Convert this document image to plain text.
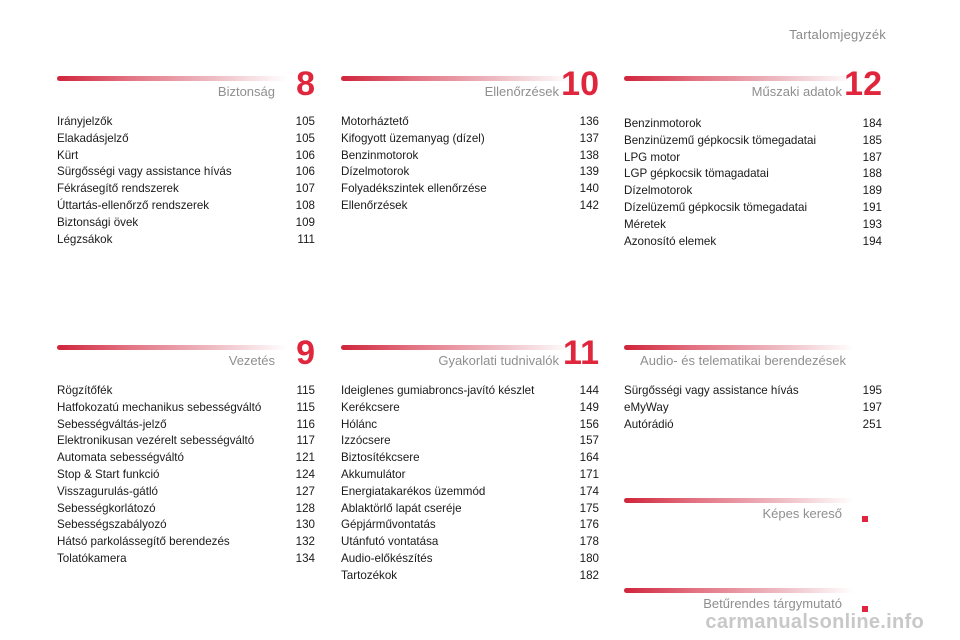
Tartalomjegyzék
Biztonság 8
Irányjelzők	105
Elakadásjelző	105
Kürt	106
Sürgősségi vagy assistance hívás	106
Fékrásegítő rendszerek	107
Úttartás-ellenőrző rendszerek	108
Biztonsági övek	109
Légzsákok	111
Ellenőrzések 10
Motorháztető	136
Kifogyott üzemanyag (dízel)	137
Benzinmotorok	138
Dízelmotorok	139
Folyadékszintek ellenőrzése	140
Ellenőrzések	142
Műszaki adatok 12
Benzinmotorok	184
Benzinüzemű gépkocsik tömegadatai	185
LPG motor	187
LGP gépkocsik tömagadatai	188
Dízelmotorok	189
Dízelüzemű gépkocsik tömegadatai	191
Méretek	193
Azonosító elemek	194
Vezetés 9
Rögzítőfék	115
Hatfokozatú mechanikus sebességváltó	115
Sebességváltás-jelző	116
Elektronikusan vezérelt sebességváltó	117
Automata sebességváltó	121
Stop & Start funkció	124
Visszagurulás-gátló	127
Sebességkorlátozó	128
Sebességszabályozó	130
Hátsó parkolássegítő berendezés	132
Tolatókamera	134
Gyakorlati tudnivalók 11
Ideiglenes gumiabroncs-javító készlet	144
Kerékcsere	149
Hólánc	156
Izzócsere	157
Biztosítékcsere	164
Akkumulátor	171
Energiatakarékos üzemmód	174
Ablaktörlő lapát cseréje	175
Gépjárművontatás	176
Utánfutó vontatása	178
Audio-előkészítés	180
Tartozékok	182
Audio- és telematikai berendezések
Sürgősségi vagy assistance hívás	195
eMyWay	197
Autórádió	251
Képes kereső
Betűrendes tárgymutató
carmanualsonline.info
